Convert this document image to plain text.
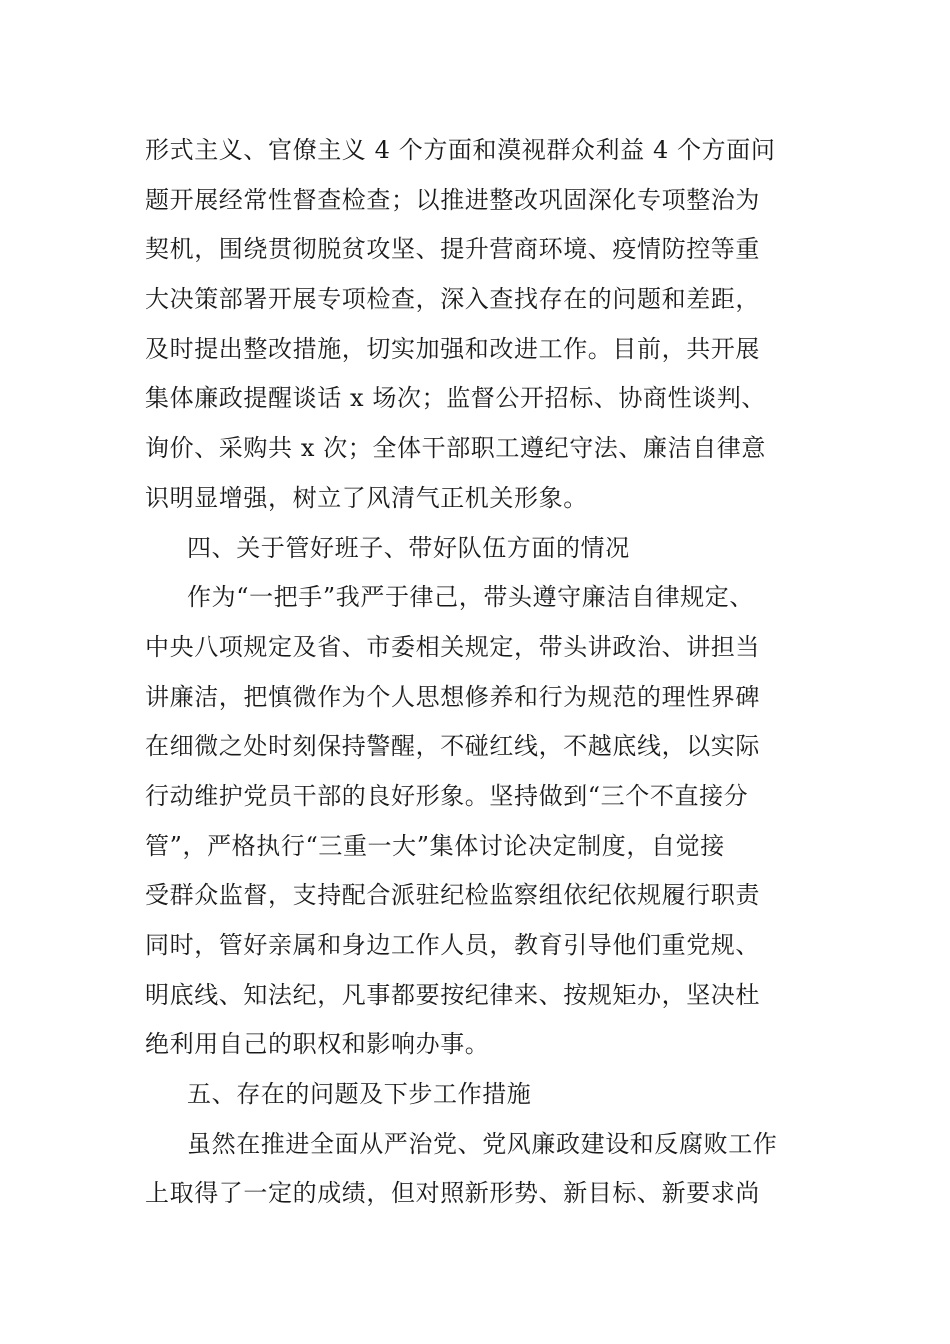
形式主义、官僚主义 4 个方面和漠视群众利益 4 个方面问
题开展经常性督查检查；以推进整改巩固深化专项整治为
契机，围绕贯彻脱贫攻坚、提升营商环境、疫情防控等重
大决策部署开展专项检查，深入查找存在的问题和差距，
及时提出整改措施，切实加强和改进工作。目前，共开展
集体廉政提醒谈话 x 场次；监督公开招标、协商性谈判、
询价、采购共 x 次；全体干部职工遵纪守法、廉洁自律意
识明显增强，树立了风清气正机关形象。
四、关于管好班子、带好队伍方面的情况
作为“一把手”我严于律己，带头遵守廉洁自律规定、
中央八项规定及省、市委相关规定，带头讲政治、讲担当
讲廉洁，把慎微作为个人思想修养和行为规范的理性界碑
在细微之处时刻保持警醒，不碰红线，不越底线，以实际
行动维护党员干部的良好形象。坚持做到“三个不直接分
管”，严格执行“三重一大”集体讨论决定制度，自觉接
受群众监督，支持配合派驻纪检监察组依纪依规履行职责
同时，管好亲属和身边工作人员，教育引导他们重党规、
明底线、知法纪，凡事都要按纪律来、按规矩办，坚决杜
绝利用自己的职权和影响办事。
五、存在的问题及下步工作措施
虽然在推进全面从严治党、党风廉政建设和反腐败工作
上取得了一定的成绩，但对照新形势、新目标、新要求尚
